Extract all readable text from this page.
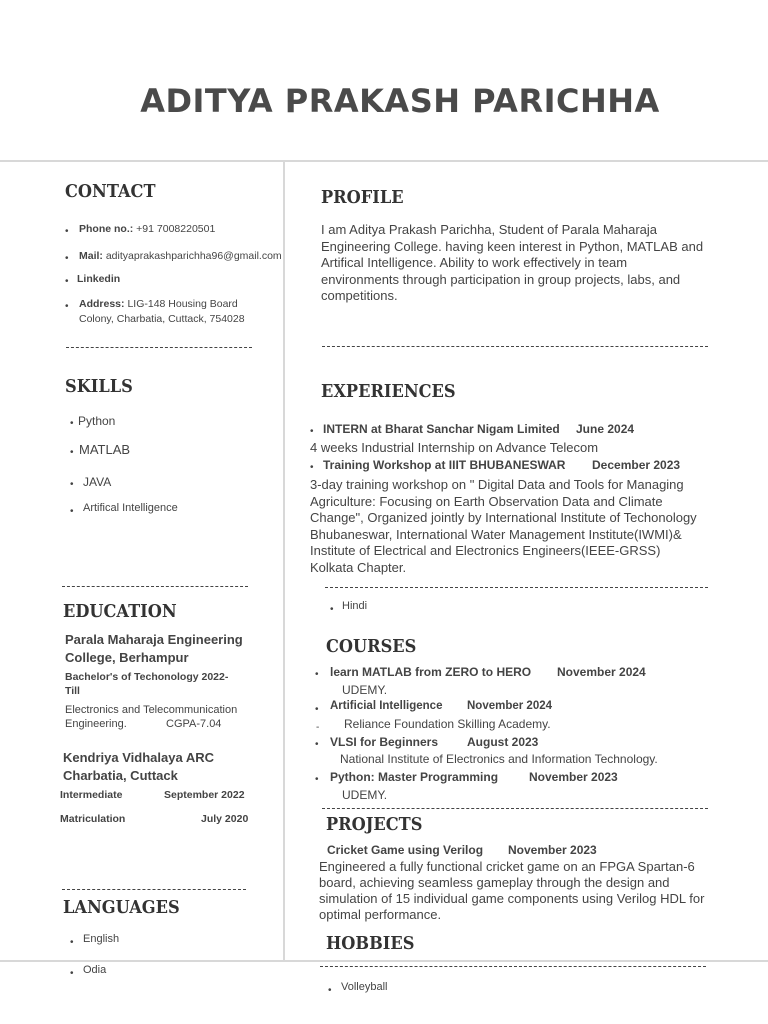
ADITYA PRAKASH PARICHHA
CONTACT
• Phone no.: +91 7008220501
• Mail: adityaprakashparichha96@gmail.com
• Linkedin
• Address: LIG-148 Housing Board
Colony, Charbatia, Cuttack, 754028
SKILLS
• Python
• MATLAB
• JAVA
• Artifical Intelligence
EDUCATION
Parala Maharaja Engineering
College, Berhampur
Bachelor's of Techonology 2022-
Till
Electronics and Telecommunication
Engineering.	CGPA-7.04
Kendriya Vidhalaya ARC
Charbatia, Cuttack
Intermediate	September 2022
Matriculation	July 2020
LANGUAGES
• English
• Odia
PROFILE
I am Aditya Prakash Parichha, Student of Parala Maharaja
Engineering College. having keen interest in Python, MATLAB and
Artifical Intelligence. Ability to work effectively in team
environments through participation in group projects, labs, and
competitions.
EXPERIENCES
• INTERN at Bharat Sanchar Nigam Limited June 2024
4 weeks Industrial Internship on Advance Telecom
• Training Workshop at IIIT BHUBANESWAR December 2023
3-day training workshop on " Digital Data and Tools for Managing
Agriculture: Focusing on Earth Observation Data and Climate
Change", Organized jointly by International Institute of Techonology
Bhubaneswar, International Water Management Institute(IWMI)&
Institute of Electrical and Electronics Engineers(IEEE-GRSS)
Kolkata Chapter.
• Hindi
COURSES
• learn MATLAB from ZERO to HERO November 2024
UDEMY.
• Artificial Intelligence November 2024
- Reliance Foundation Skilling Academy.
• VLSI for Beginners August 2023
National Institute of Electronics and Information Technology.
• Python: Master Programming	November 2023
UDEMY.
PROJECTS
Cricket Game using Verilog November 2023
Engineered a fully functional cricket game on an FPGA Spartan-6
board, achieving seamless gameplay through the design and
simulation of 15 individual game components using Verilog HDL for
optimal performance.
HOBBIES
• Volleyball
